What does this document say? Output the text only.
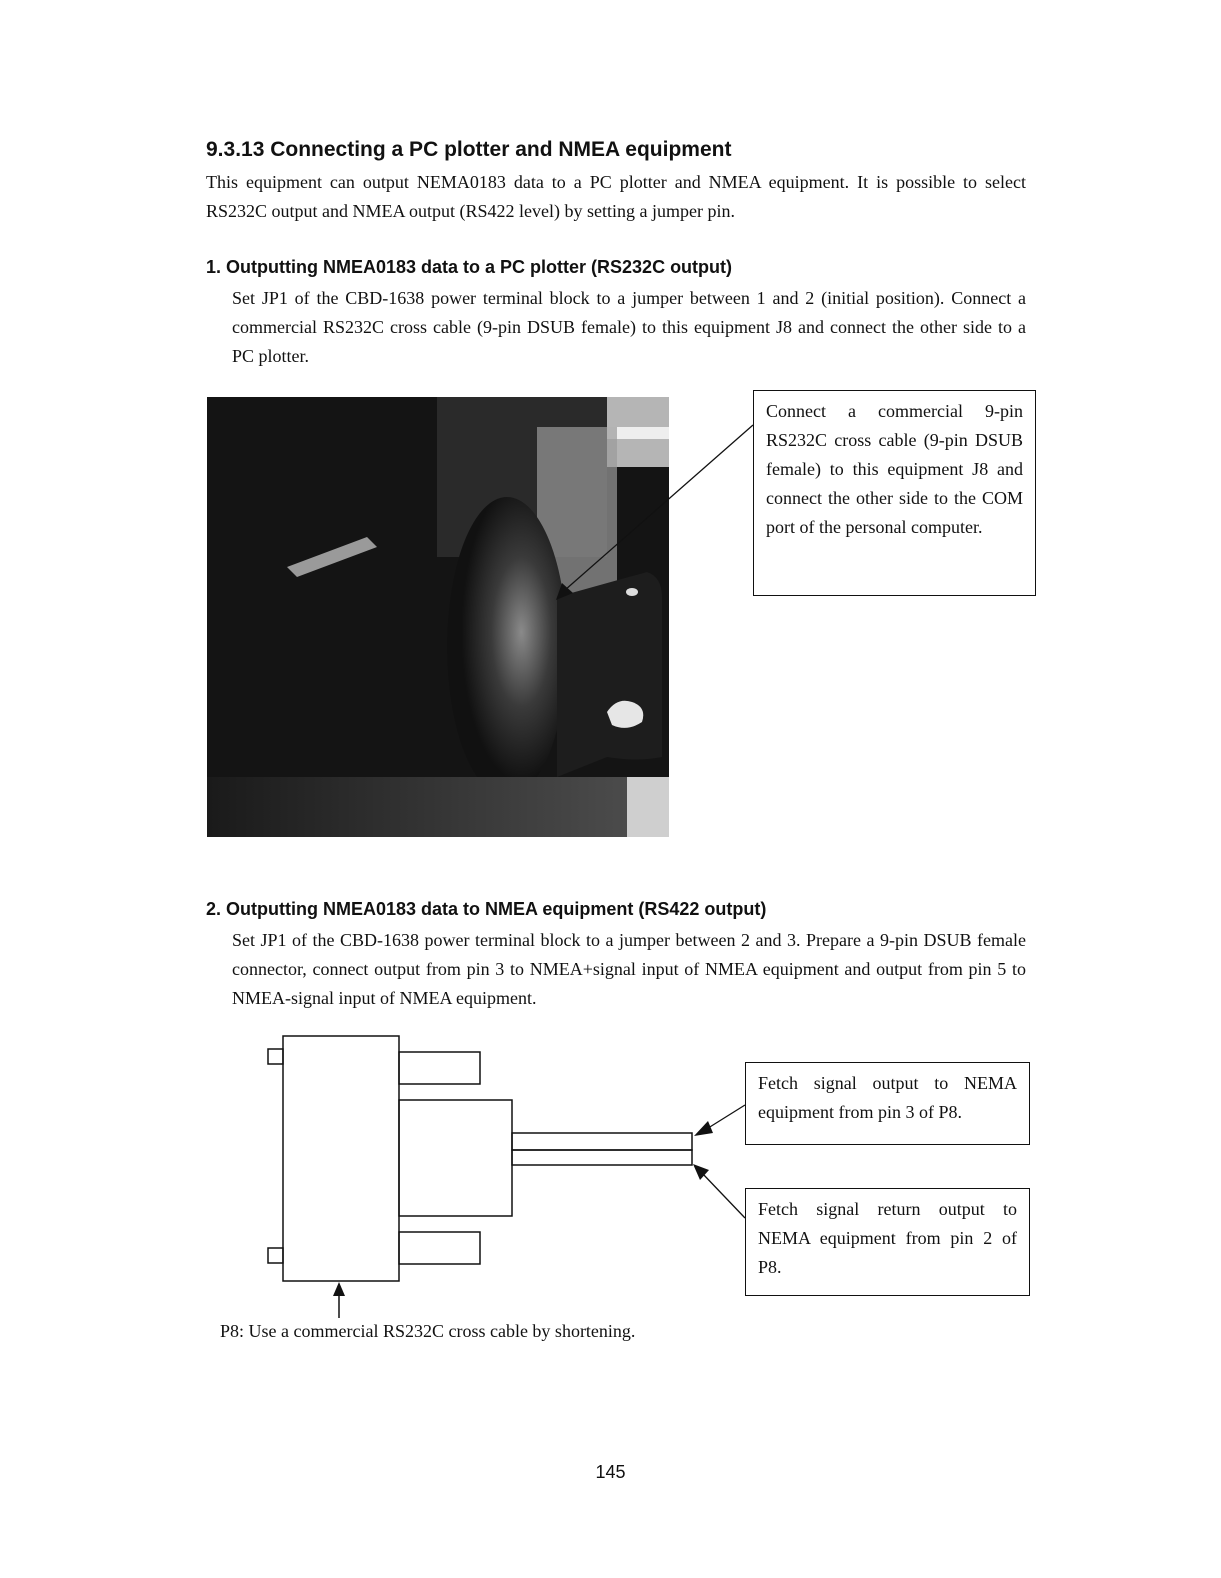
9.3.13 Connecting a PC plotter and NMEA equipment
This equipment can output NEMA0183 data to a PC plotter and NMEA equipment. It is possible to select RS232C output and NMEA output (RS422 level) by setting a jumper pin.
1. Outputting NMEA0183 data to a PC plotter (RS232C output)
Set JP1 of the CBD-1638 power terminal block to a jumper between 1 and 2 (initial position). Connect a commercial RS232C cross cable (9-pin DSUB female) to this equipment J8 and connect the other side to a PC plotter.
Connect a commercial 9-pin RS232C cross cable (9-pin DSUB female) to this equipment J8 and connect the other side to the COM port of the personal computer.
2. Outputting NMEA0183 data to NMEA equipment (RS422 output)
Set JP1 of the CBD-1638 power terminal block to a jumper between 2 and 3. Prepare a 9-pin DSUB female connector, connect output from pin 3 to NMEA+signal input of NMEA equipment and output from pin 5 to NMEA-signal input of NMEA equipment.
Fetch signal output to NEMA equipment from pin 3 of P8.
Fetch signal return output to NEMA equipment from pin 2 of P8.
P8: Use a commercial RS232C cross cable by shortening.
145
